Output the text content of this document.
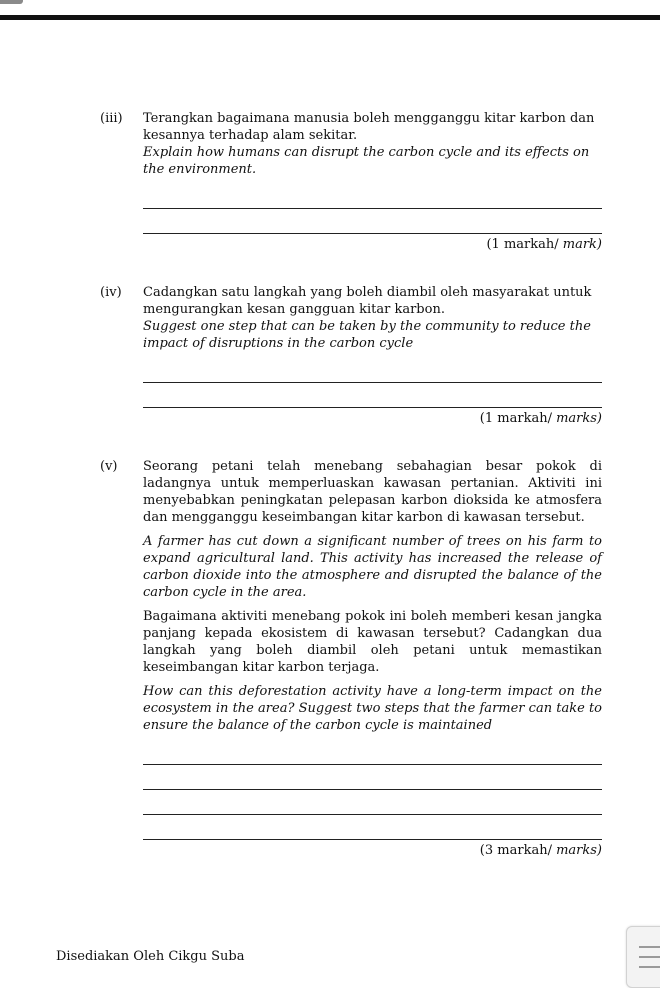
(iii) Terangkan bagaimana manusia boleh mengganggu kitar karbon dan kesannya terhadap alam sekitar.

Explain how humans can disrupt the carbon cycle and its effects on the environment.

(1 markah/ mark)
(iv) Cadangkan satu langkah yang boleh diambil oleh masyarakat untuk mengurangkan kesan gangguan kitar karbon.

Suggest one step that can be taken by the community to reduce the impact of disruptions in the carbon cycle

(1 markah/ marks)
(v) Seorang petani telah menebang sebahagian besar pokok di ladangnya untuk memperluaskan kawasan pertanian. Aktiviti ini menyebabkan peningkatan pelepasan karbon dioksida ke atmosfera dan mengganggu keseimbangan kitar karbon di kawasan tersebut.

A farmer has cut down a significant number of trees on his farm to expand agricultural land. This activity has increased the release of carbon dioxide into the atmosphere and disrupted the balance of the carbon cycle in the area.

Bagaimana aktiviti menebang pokok ini boleh memberi kesan jangka panjang kepada ekosistem di kawasan tersebut? Cadangkan dua langkah yang boleh diambil oleh petani untuk memastikan keseimbangan kitar karbon terjaga.

How can this deforestation activity have a long-term impact on the ecosystem in the area? Suggest two steps that the farmer can take to ensure the balance of the carbon cycle is maintained

(3 markah/ marks)
Disediakan Oleh Cikgu Suba
